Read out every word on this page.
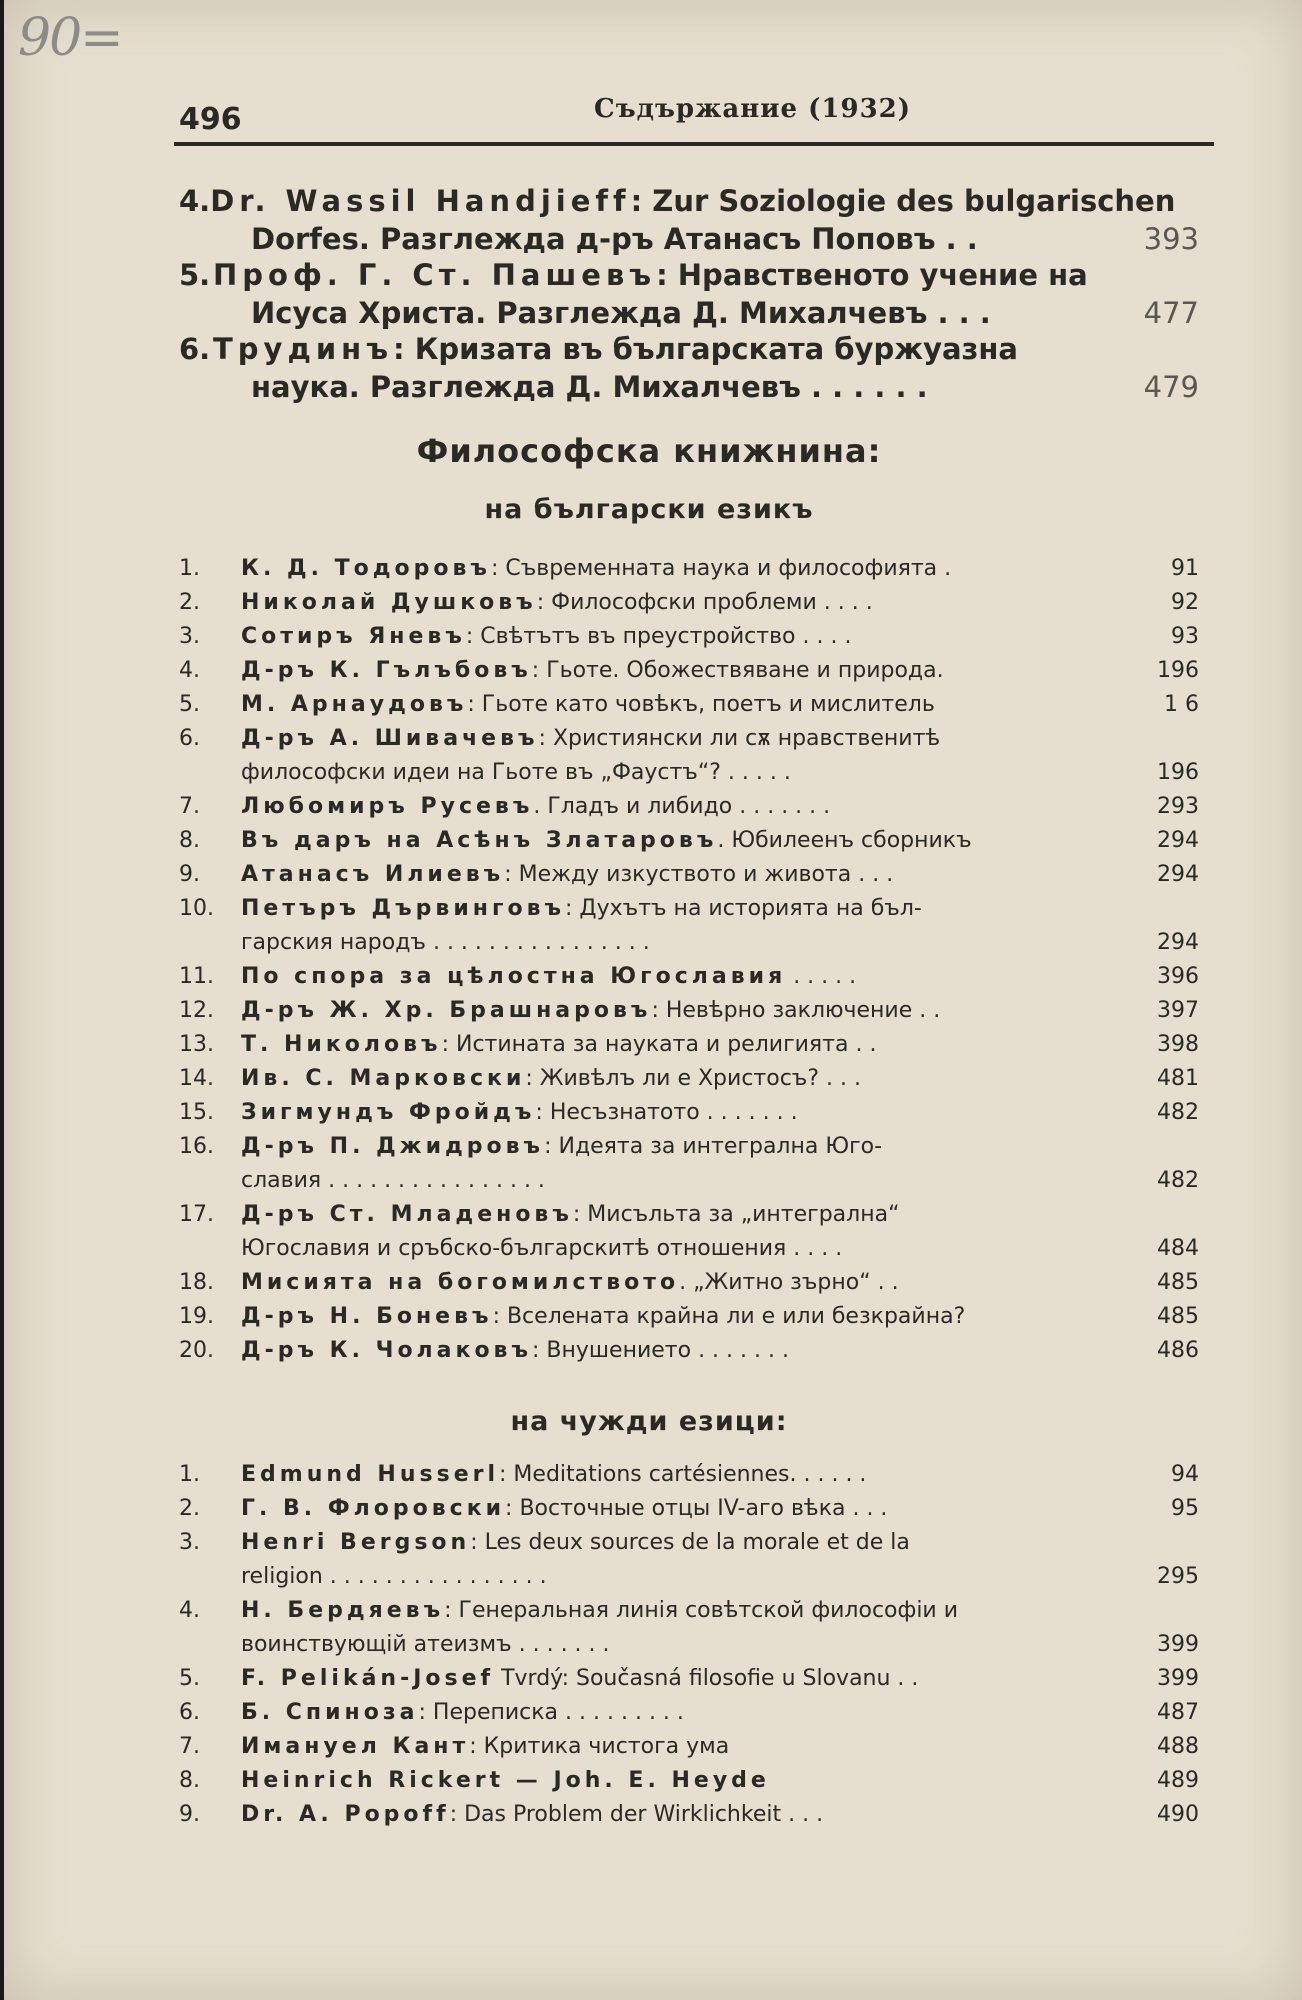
90=
496	Съдържание (1932)
4. Dr. Wassil Handjieff: Zur Soziologie des bulgarischen
Dorfes. Разглежда д-ръ Атанасъ Поповъ . .	393
5. Проф. Г. Ст. Пашевъ: Нравственото учение на
Исуса Христа. Разглежда Д. Михалчевъ . . .	477
6. Трудинъ: Кризата въ българската буржуазна
наука. Разглежда Д. Михалчевъ . . . . . .	479
Философска книжнина:
на български езикъ
1.	К. Д. Тодоровъ: Съвременната наука и философията .	91
2.	Николай Душковъ: Философски проблеми . . . .	92
3.	Сотиръ Яневъ: Свѣтътъ въ преустройство . . . .	93
4.	Д-ръ К. Гълъбовъ: Гьоте. Обожествяване и природа.	196
5.	М. Арнаудовъ: Гьоте като човѣкъ, поетъ и мислитель	1 6
6.	Д-ръ А. Шивачевъ: Християнски ли сѫ нравственитѣ
философски идеи на Гьоте въ „Фаустъ“? . . . . .	196
7.	Любомиръ Русевъ. Гладъ и либидо . . . . . . .	293
8.	Въ даръ на Асѣнъ Златаровъ. Юбилеенъ сборникъ	294
9.	Атанасъ Илиевъ: Между изкуството и живота . . .	294
10.	Петъръ Дървинговъ: Духътъ на историята на бъл-
гарския народъ . . . . . . . . . . . . . . . .	294
11.	По спора за цѣлостна Югославия . . . . .	396
12.	Д-ръ Ж. Хр. Брашнаровъ: Невѣрно заключение . .	397
13.	Т. Николовъ: Истината за науката и религията . .	398
14.	Ив. С. Марковски: Живѣлъ ли е Христосъ? . . .	481
15.	Зигмундъ Фройдъ: Несъзнатото . . . . . . .	482
16.	Д-ръ П. Джидровъ: Идеята за интегрална Юго-
славия . . . . . . . . . . . . . . . .	482
17.	Д-ръ Ст. Младеновъ: Мисъльта за „интегрална“
Югославия и сръбско-българскитѣ отношения . . . .	484
18.	Мисията на богомилството. „Житно зърно“ . .	485
19.	Д-ръ Н. Боневъ: Вселената крайна ли е или безкрайна?	485
20.	Д-ръ К. Чолаковъ: Внушението . . . . . . .	486
на чужди езици:
1.	Edmund Husserl: Meditations cartésiennes. . . . . .	94
2.	Г. В. Флоровски: Восточные отцы IV-аго вѣка . . .	95
3.	Henri Bergson: Les deux sources de la morale et de la
religion . . . . . . . . . . . . . . . .	295
4.	Н. Бердяевъ: Генеральная линія совѣтской философіи и
воинствующій атеизмъ . . . . . . .	399
5.	F. Pelikán-Josef Tvrdý: Současná filosofie u Slovanu . .	399
6.	Б. Спиноза: Переписка . . . . . . . . .	487
7.	Имануел Кант: Критика чистога ума	488
8.	Heinrich Rickert — Joh. E. Heyde	489
9.	Dr. A. Popoff: Das Problem der Wirklichkeit . . .	490
